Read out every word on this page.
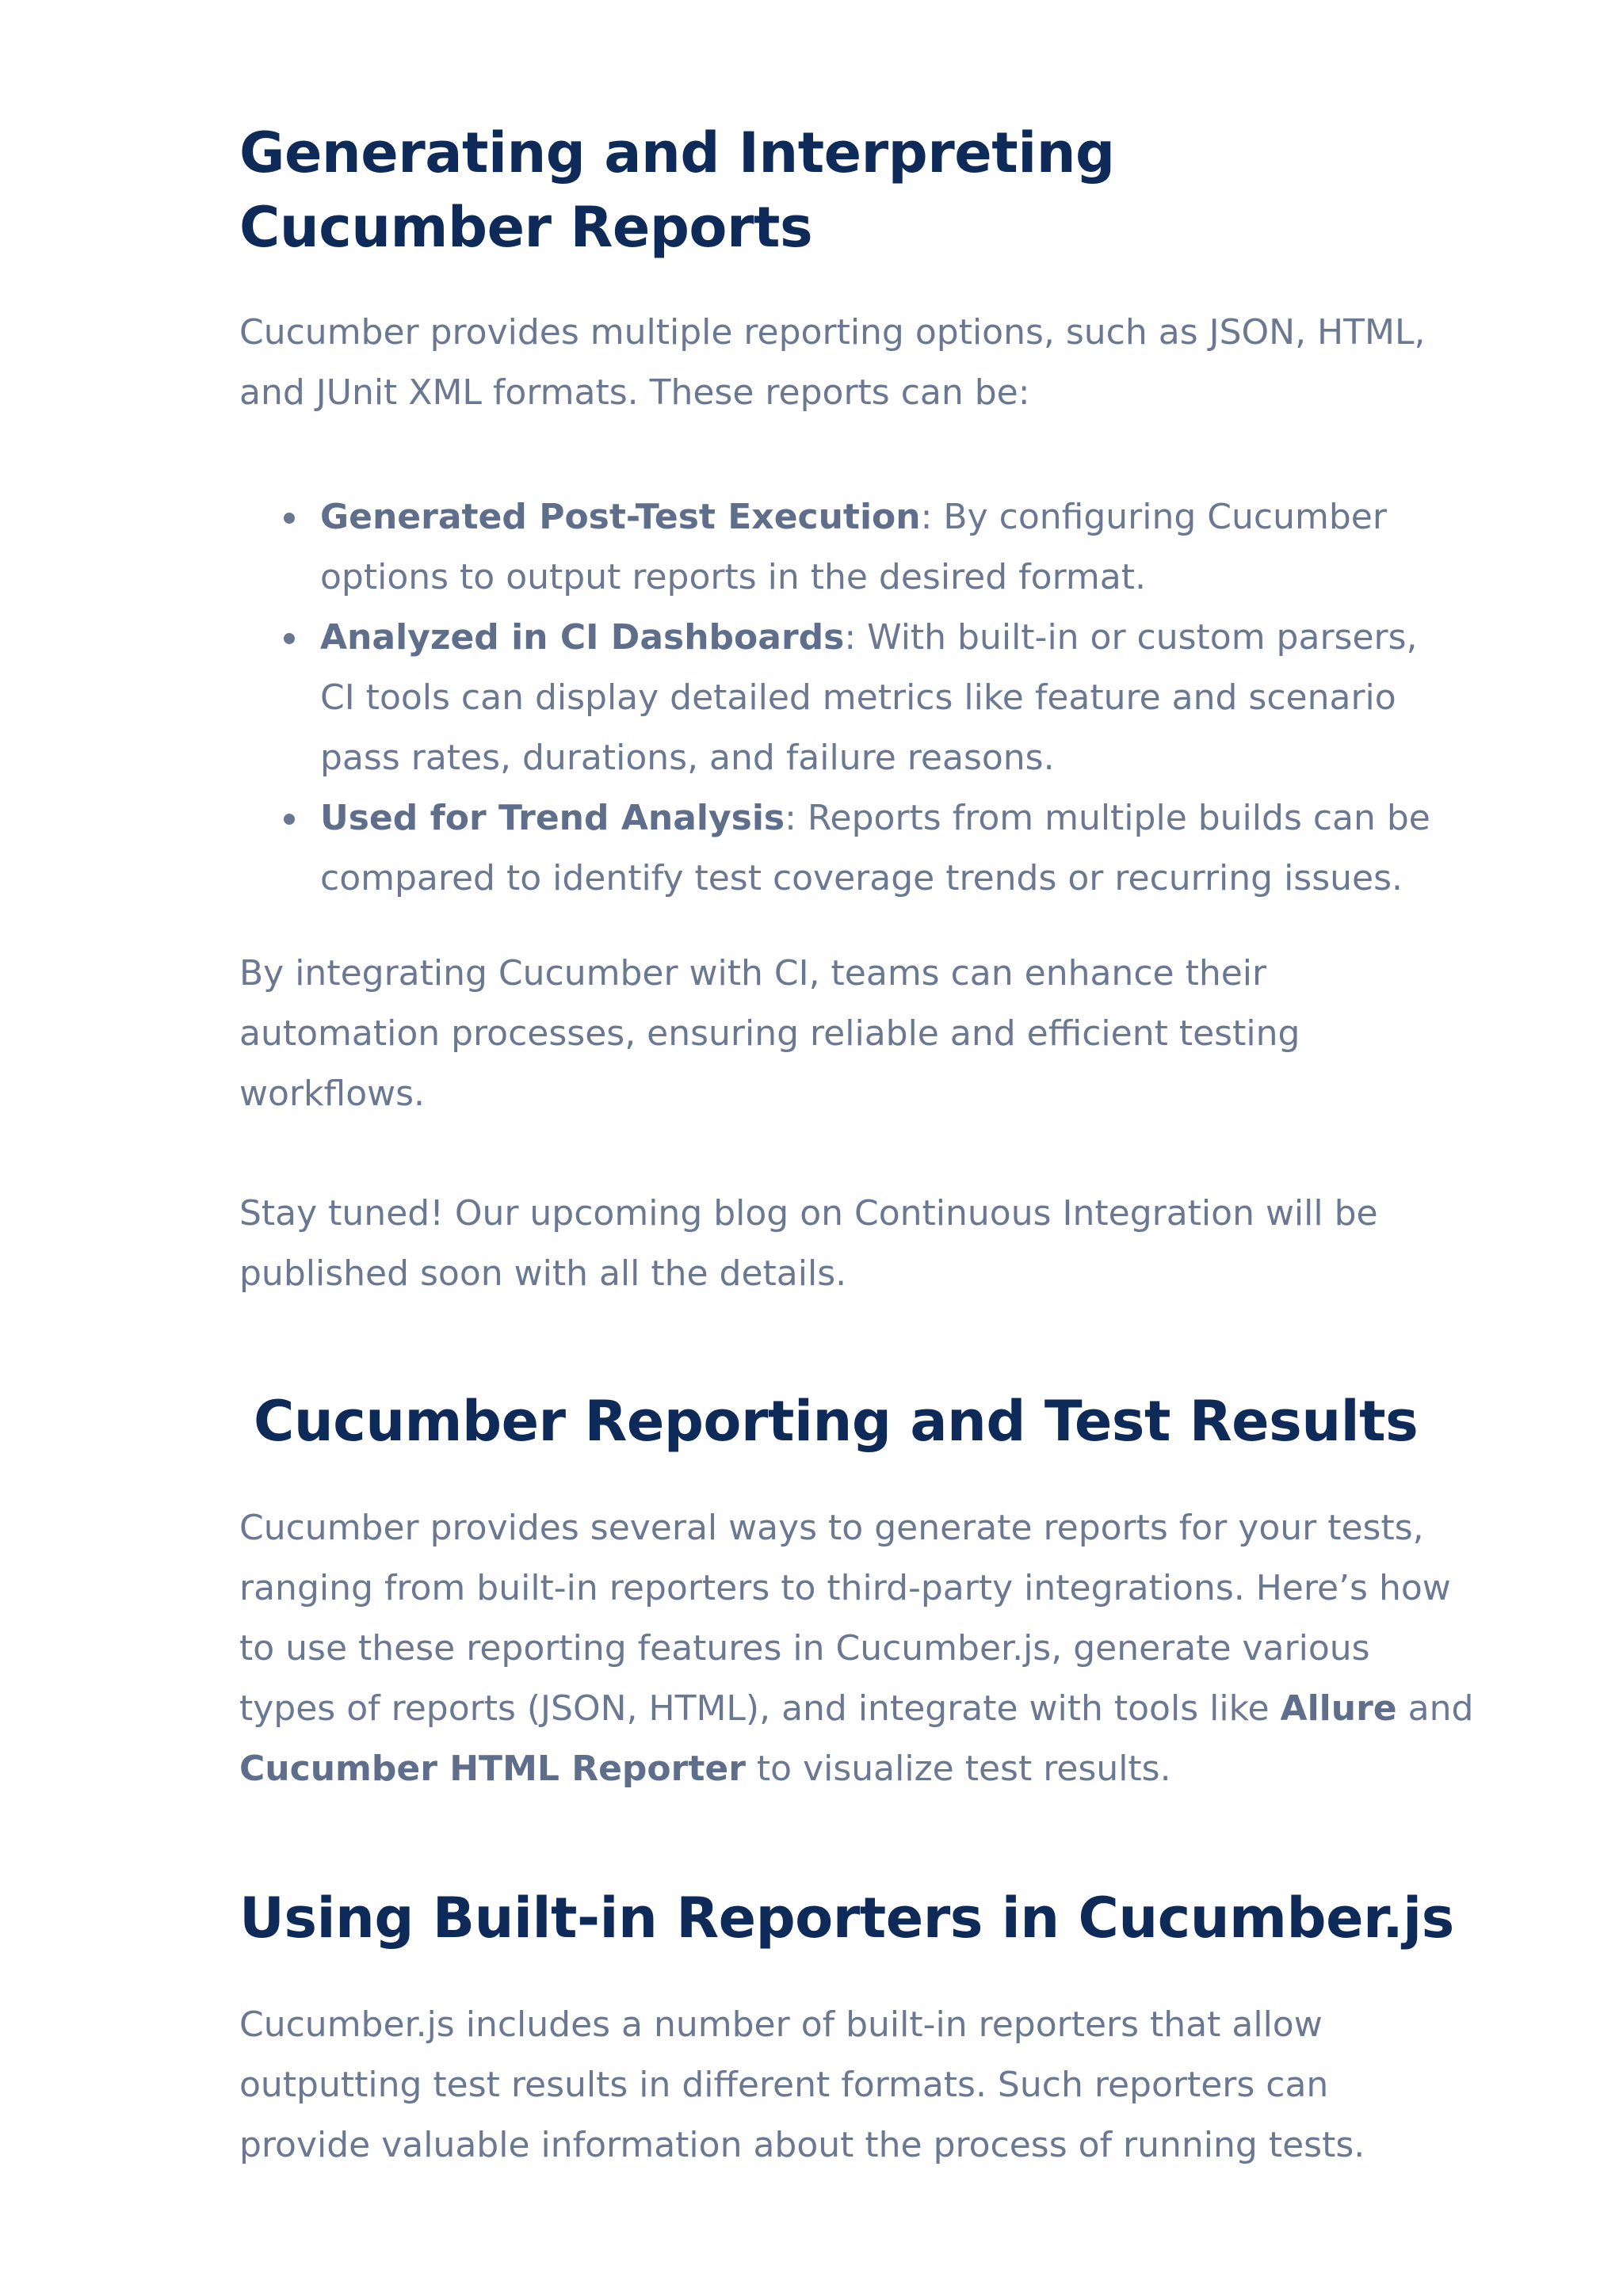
Generating and Interpreting Cucumber Reports

Cucumber provides multiple reporting options, such as JSON, HTML, and JUnit XML formats. These reports can be:

Generated Post-Test Execution: By configuring Cucumber options to output reports in the desired format.
Analyzed in CI Dashboards: With built-in or custom parsers, CI tools can display detailed metrics like feature and scenario pass rates, durations, and failure reasons.
Used for Trend Analysis: Reports from multiple builds can be compared to identify test coverage trends or recurring issues.

By integrating Cucumber with CI, teams can enhance their automation processes, ensuring reliable and efficient testing workflows.

Stay tuned! Our upcoming blog on Continuous Integration will be published soon with all the details.

Cucumber Reporting and Test Results

Cucumber provides several ways to generate reports for your tests, ranging from built-in reporters to third-party integrations. Here’s how to use these reporting features in Cucumber.js, generate various types of reports (JSON, HTML), and integrate with tools like Allure and Cucumber HTML Reporter to visualize test results.

Using Built-in Reporters in Cucumber.js

Cucumber.js includes a number of built-in reporters that allow outputting test results in different formats. Such reporters can provide valuable information about the process of running tests.
